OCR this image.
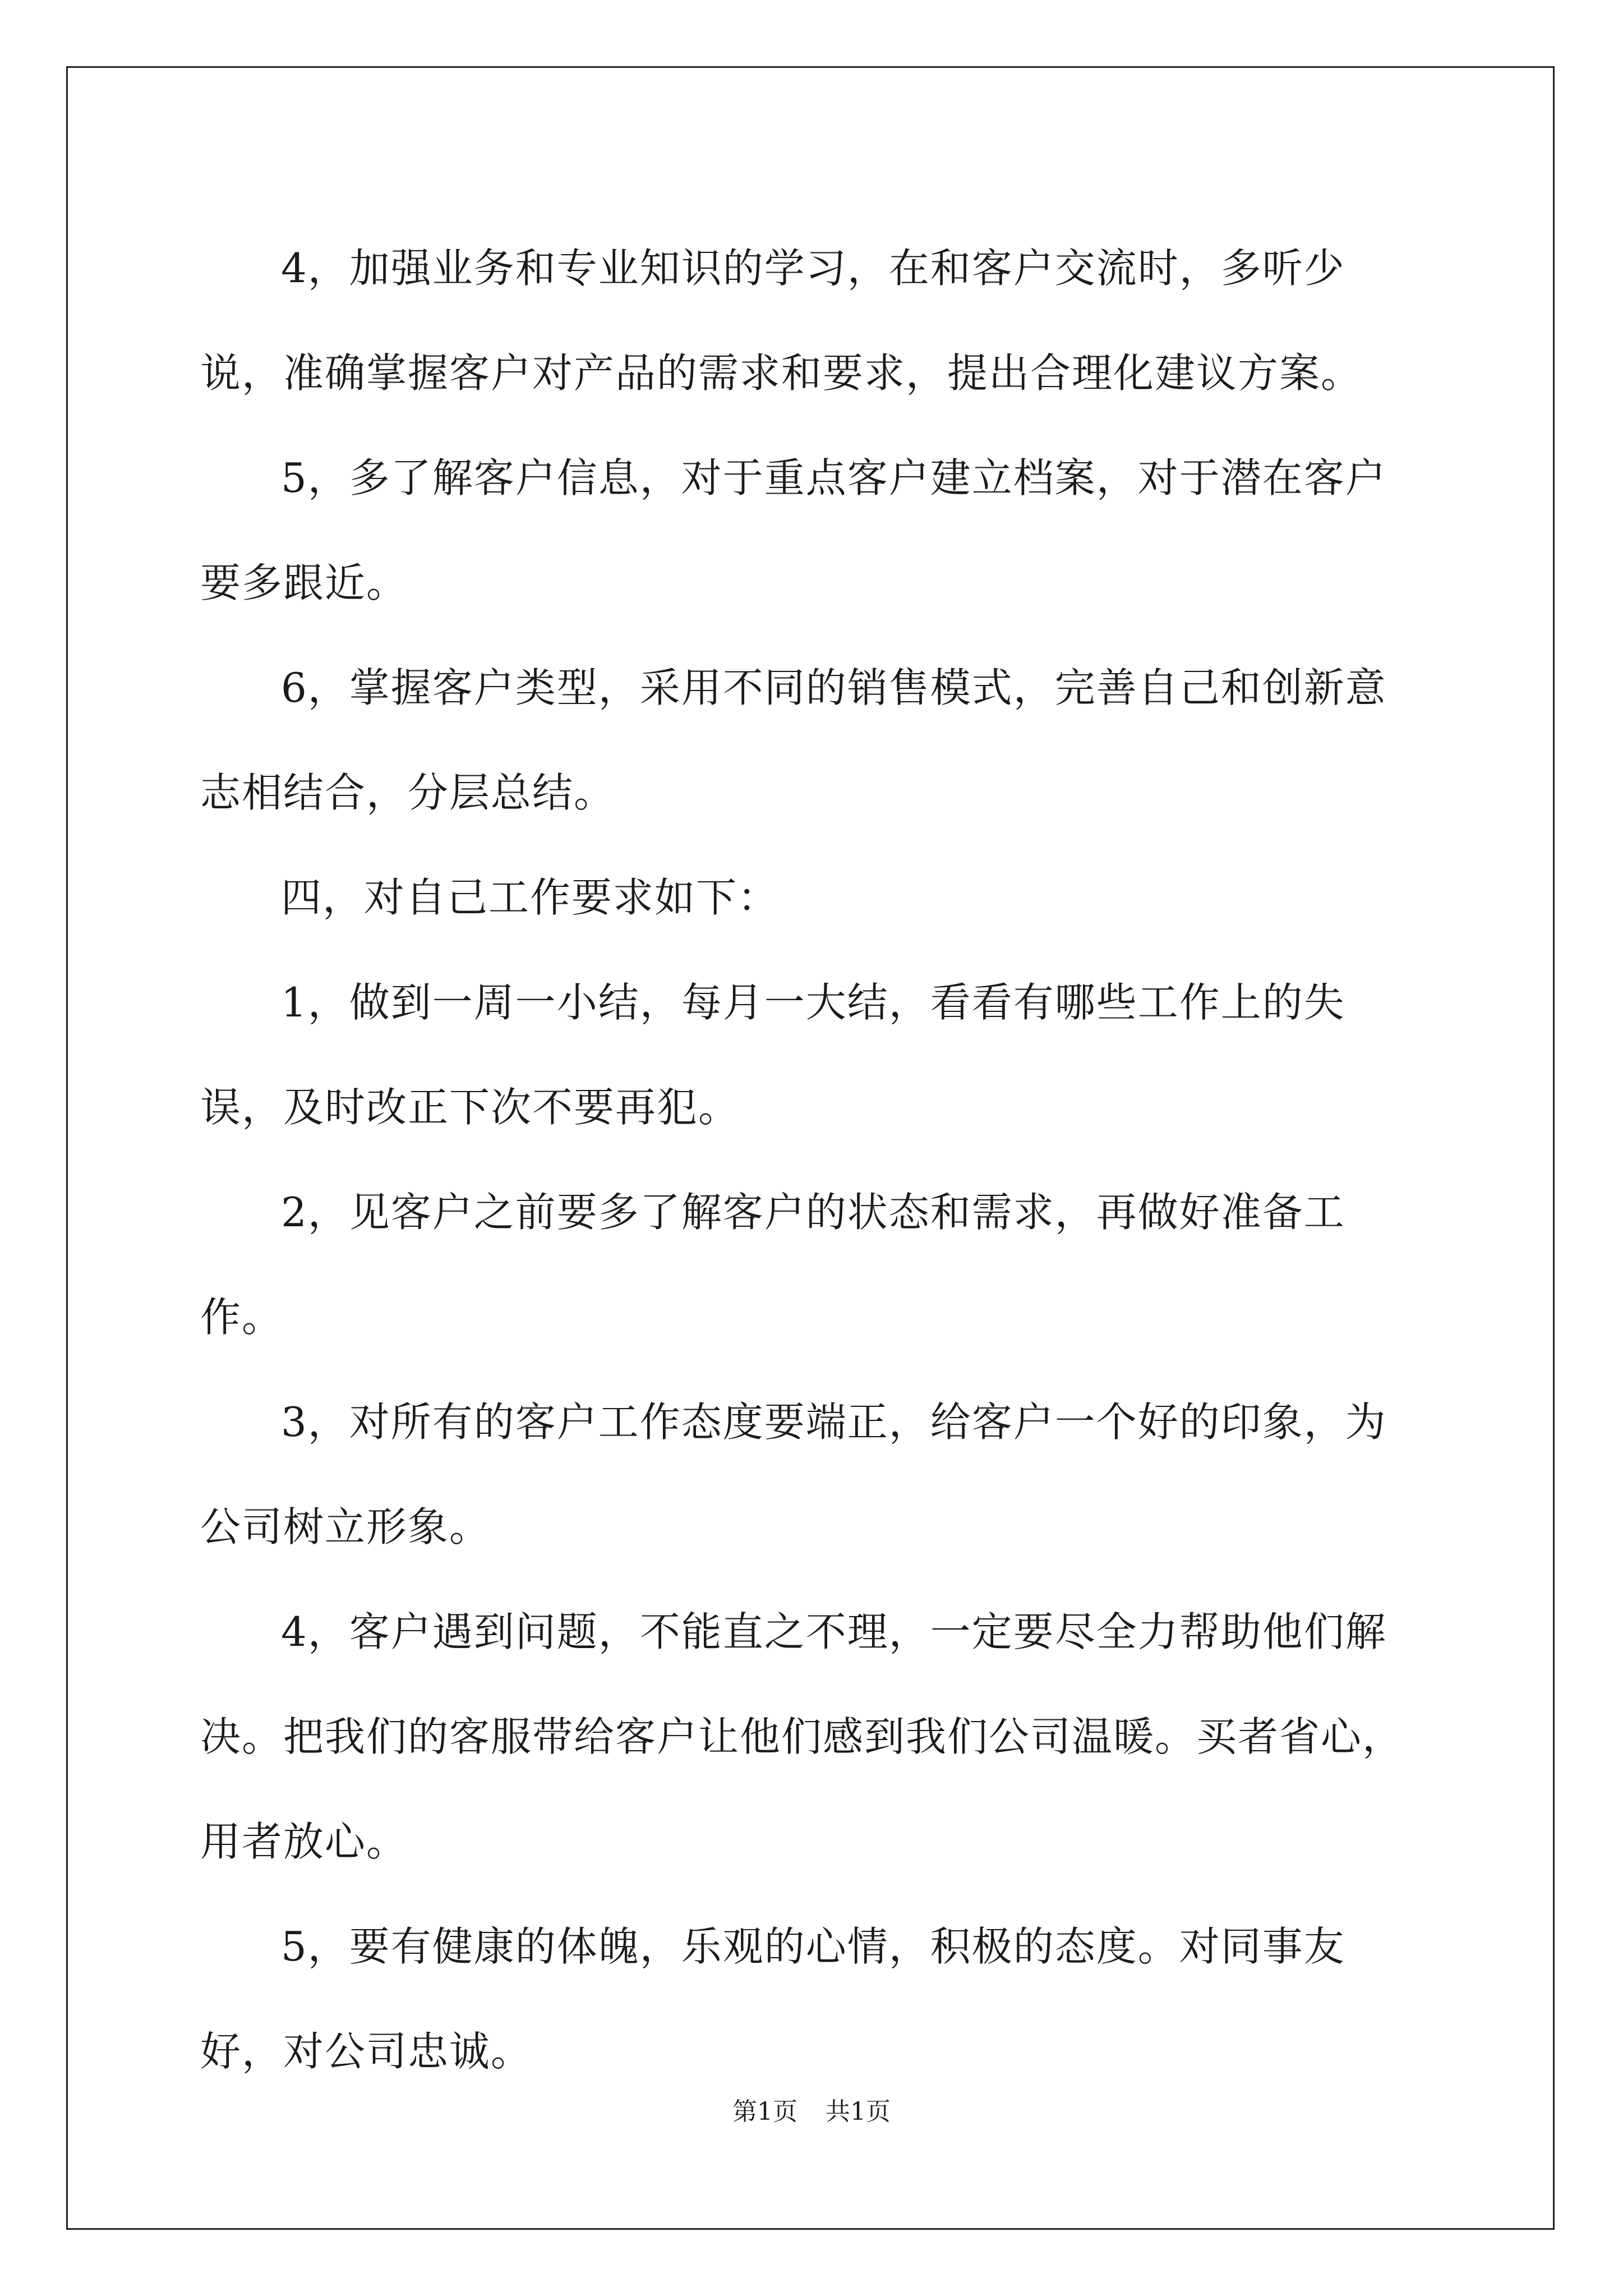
4，加强业务和专业知识的学习，在和客户交流时，多听少说，准确掌握客户对产品的需求和要求，提出合理化建议方案。

5，多了解客户信息，对于重点客户建立档案，对于潜在客户要多跟近。

6，掌握客户类型，采用不同的销售模式，完善自己和创新意志相结合，分层总结。

四，对自己工作要求如下：

1，做到一周一小结，每月一大结，看看有哪些工作上的失误，及时改正下次不要再犯。

2，见客户之前要多了解客户的状态和需求，再做好准备工作。

3，对所有的客户工作态度要端正，给客户一个好的印象，为公司树立形象。

4，客户遇到问题，不能直之不理，一定要尽全力帮助他们解决。把我们的客服带给客户让他们感到我们公司温暖。买者省心，用者放心。

5，要有健康的体魄，乐观的心情，积极的态度。对同事友好，对公司忠诚。

第1页 共1页
